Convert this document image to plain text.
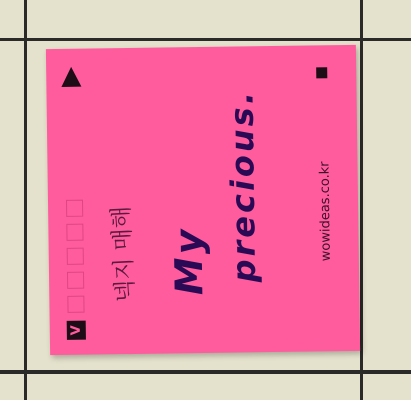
V
넥지 매해 My precious.	wowideas.co.kr
